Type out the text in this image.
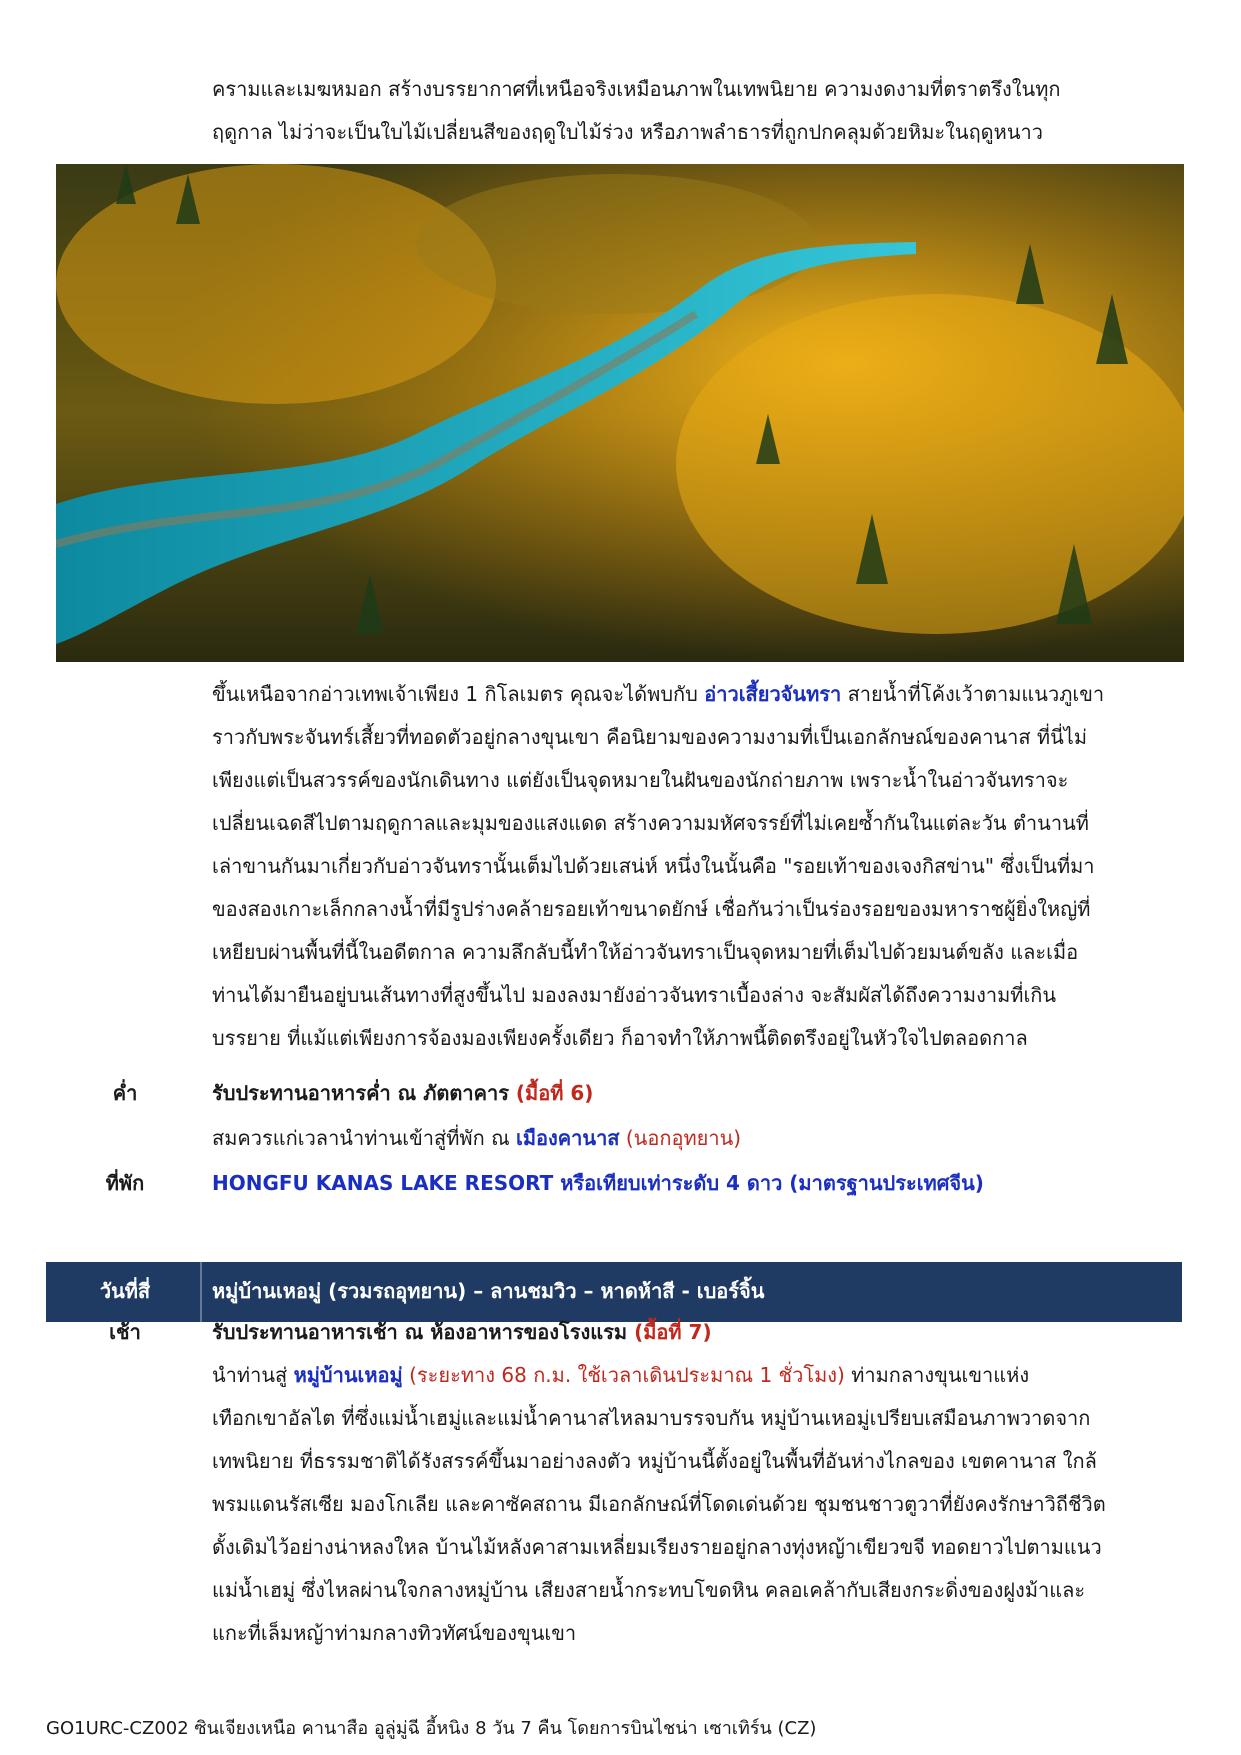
ครามและเมฆหมอก สร้างบรรยากาศที่เหนือจริงเหมือนภาพในเทพนิยาย ความงดงามที่ตราตรึงในทุก

ฤดูกาล ไม่ว่าจะเป็นใบไม้เปลี่ยนสีของฤดูใบไม้ร่วง หรือภาพลำธารที่ถูกปกคลุมด้วยหิมะในฤดูหนาว

ขึ้นเหนือจากอ่าวเทพเจ้าเพียง 1 กิโลเมตร คุณจะได้พบกับ อ่าวเสี้ยวจันทรา สายน้ำที่โค้งเว้าตามแนวภูเขา

ราวกับพระจันทร์เสี้ยวที่ทอดตัวอยู่กลางขุนเขา คือนิยามของความงามที่เป็นเอกลักษณ์ของคานาส ที่นี่ไม่

เพียงแต่เป็นสวรรค์ของนักเดินทาง แต่ยังเป็นจุดหมายในฝันของนักถ่ายภาพ เพราะน้ำในอ่าวจันทราจะ

เปลี่ยนเฉดสีไปตามฤดูกาลและมุมของแสงแดด สร้างความมหัศจรรย์ที่ไม่เคยซ้ำกันในแต่ละวัน ตำนานที่

เล่าขานกันมาเกี่ยวกับอ่าวจันทรานั้นเต็มไปด้วยเสน่ห์ หนึ่งในนั้นคือ "รอยเท้าของเจงกิสข่าน" ซึ่งเป็นที่มา

ของสองเกาะเล็กกลางน้ำที่มีรูปร่างคล้ายรอยเท้าขนาดยักษ์ เชื่อกันว่าเป็นร่องรอยของมหาราชผู้ยิ่งใหญ่ที่

เหยียบผ่านพื้นที่นี้ในอดีตกาล ความลึกลับนี้ทำให้อ่าวจันทราเป็นจุดหมายที่เต็มไปด้วยมนต์ขลัง และเมื่อ

ท่านได้มายืนอยู่บนเส้นทางที่สูงขึ้นไป มองลงมายังอ่าวจันทราเบื้องล่าง จะสัมผัสได้ถึงความงามที่เกิน

บรรยาย ที่แม้แต่เพียงการจ้องมองเพียงครั้งเดียว ก็อาจทำให้ภาพนี้ติดตรึงอยู่ในหัวใจไปตลอดกาล

ค่ำ	รับประทานอาหารค่ำ ณ ภัตตาคาร (มื้อที่ 6)
สมควรแก่เวลานำท่านเข้าสู่ที่พัก ณ เมืองคานาส (นอกอุทยาน)
ที่พัก	HONGFU KANAS LAKE RESORT หรือเทียบเท่าระดับ 4 ดาว (มาตรฐานประเทศจีน)
วันที่สี่	หมู่บ้านเหอมู่ (รวมรถอุทยาน) – ลานชมวิว – หาดห้าสี - เบอร์จิ้น
เช้า	รับประทานอาหารเช้า ณ ห้องอาหารของโรงแรม (มื้อที่ 7)

นำท่านสู่ หมู่บ้านเหอมู่ (ระยะทาง 68 ก.ม. ใช้เวลาเดินประมาณ 1 ชั่วโมง) ท่ามกลางขุนเขาแห่ง

เทือกเขาอัลไต ที่ซึ่งแม่น้ำเฮมู่และแม่น้ำคานาสไหลมาบรรจบกัน หมู่บ้านเหอมู่เปรียบเสมือนภาพวาดจาก

เทพนิยาย ที่ธรรมชาติได้รังสรรค์ขึ้นมาอย่างลงตัว หมู่บ้านนี้ตั้งอยู่ในพื้นที่อันห่างไกลของ เขตคานาส ใกล้

พรมแดนรัสเซีย มองโกเลีย และคาซัคสถาน มีเอกลักษณ์ที่โดดเด่นด้วย ชุมชนชาวตูวาที่ยังคงรักษาวิถีชีวิต

ดั้งเดิมไว้อย่างน่าหลงใหล บ้านไม้หลังคาสามเหลี่ยมเรียงรายอยู่กลางทุ่งหญ้าเขียวขจี ทอดยาวไปตามแนว

แม่น้ำเฮมู่ ซึ่งไหลผ่านใจกลางหมู่บ้าน เสียงสายน้ำกระทบโขดหิน คลอเคล้ากับเสียงกระดิ่งของฝูงม้าและ

แกะที่เล็มหญ้าท่ามกลางทิวทัศน์ของขุนเขา

GO1URC-CZ002 ซินเจียงเหนือ คานาสือ อูลู่มู่ฉี อี้หนิง 8 วัน 7 คืน โดยการบินไชน่า เซาเทิร์น (CZ)
